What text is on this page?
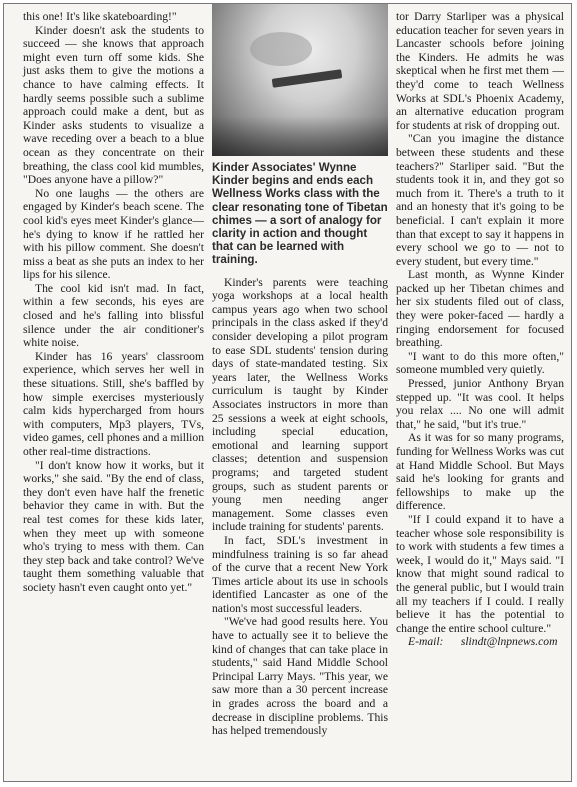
this one! It's like skateboarding!"

Kinder doesn't ask the students to succeed — she knows that approach might even turn off some kids. She just asks them to give the motions a chance to have calming effects. It hardly seems possible such a sublime approach could make a dent, but as Kinder asks students to visualize a wave receding over a beach to a blue ocean as they concentrate on their breathing, the class cool kid mumbles, "Does anyone have a pillow?"

No one laughs — the others are engaged by Kinder's beach scene. The cool kid's eyes meet Kinder's glance— he's dying to know if he rattled her with his pillow comment. She doesn't miss a beat as she puts an index to her lips for his silence.

The cool kid isn't mad. In fact, within a few seconds, his eyes are closed and he's falling into blissful silence under the air conditioner's white noise.

Kinder has 16 years' classroom experience, which serves her well in these situations. Still, she's baffled by how simple exercises mysteriously calm kids hypercharged from hours with computers, Mp3 players, TVs, video games, cell phones and a million other real-time distractions.

"I don't know how it works, but it works," she said. "By the end of class, they don't even have half the frenetic behavior they came in with. But the real test comes for these kids later, when they meet up with someone who's trying to mess with them. Can they step back and take control? We've taught them something valuable that society hasn't even caught onto yet."

Kinder Associates' Wynne Kinder begins and ends each Wellness Works class with the clear resonating tone of Tibetan chimes — a sort of analogy for clarity in action and thought that can be learned with training.

Kinder's parents were teaching yoga workshops at a local health campus years ago when two school principals in the class asked if they'd consider developing a pilot program to ease SDL students' tension during days of state-mandated testing. Six years later, the Wellness Works curriculum is taught by Kinder Associates instructors in more than 25 sessions a week at eight schools, including special education, emotional and learning support classes; detention and suspension programs; and targeted student groups, such as student parents or young men needing anger management. Some classes even include training for students' parents.

In fact, SDL's investment in mindfulness training is so far ahead of the curve that a recent New York Times article about its use in schools identified Lancaster as one of the nation's most successful leaders.

"We've had good results here. You have to actually see it to believe the kind of changes that can take place in students," said Hand Middle School Principal Larry Mays. "This year, we saw more than a 30 percent increase in grades across the board and a decrease in discipline problems. This has helped tremendously

tor Darry Starliper was a physical education teacher for seven years in Lancaster schools before joining the Kinders. He admits he was skeptical when he first met them — they'd come to teach Wellness Works at SDL's Phoenix Academy, an alternative education program for students at risk of dropping out.

"Can you imagine the distance between these students and these teachers?" Starliper said. "But the students took it in, and they got so much from it. There's a truth to it and an honesty that it's going to be beneficial. I can't explain it more than that except to say it happens in every school we go to — not to every student, but every time."

Last month, as Wynne Kinder packed up her Tibetan chimes and her six students filed out of class, they were poker-faced — hardly a ringing endorsement for focused breathing.

"I want to do this more often," someone mumbled very quietly.

Pressed, junior Anthony Bryan stepped up. "It was cool. It helps you relax .... No one will admit that," he said, "but it's true."

As it was for so many programs, funding for Wellness Works was cut at Hand Middle School. But Mays said he's looking for grants and fellowships to make up the difference.

"If I could expand it to have a teacher whose sole responsibility is to work with students a few times a week, I would do it," Mays said. "I know that might sound radical to the general public, but I would train all my teachers if I could. I really believe it has the potential to change the entire school culture."

E-mail: slindt@lnpnews.com
